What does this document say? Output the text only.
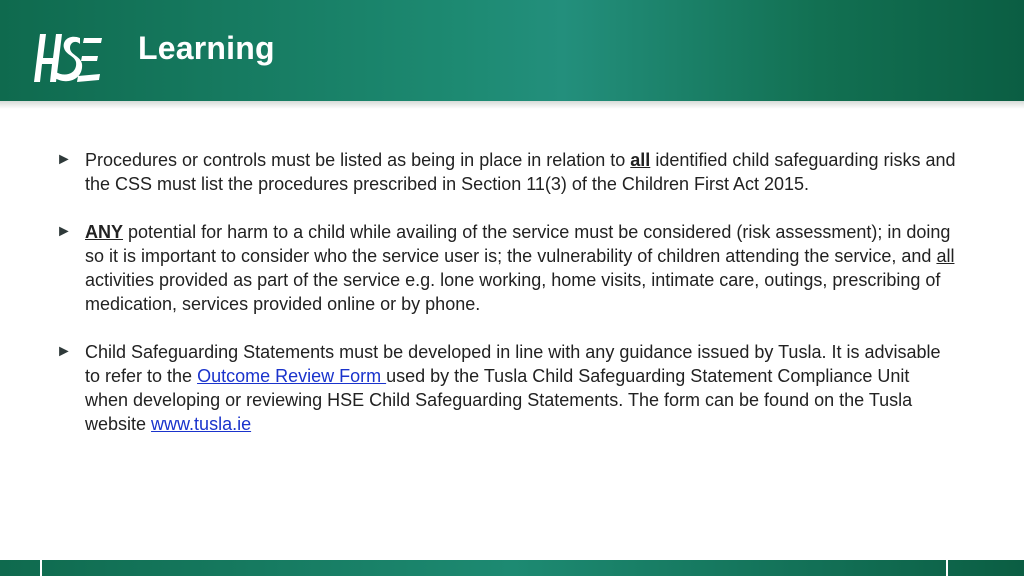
Learning
► Procedures or controls must be listed as being in place in relation to all identified child safeguarding risks and the CSS must list the procedures prescribed in Section 11(3) of the Children First Act 2015.
► ANY potential for harm to a child while availing of the service must be considered (risk assessment); in doing so it is important to consider who the service user is; the vulnerability of children attending the service, and all activities provided as part of the service e.g. lone working, home visits, intimate care, outings, prescribing of medication, services provided online or by phone.
► Child Safeguarding Statements must be developed in line with any guidance issued by Tusla. It is advisable to refer to the Outcome Review Form used by the Tusla Child Safeguarding Statement Compliance Unit when developing or reviewing HSE Child Safeguarding Statements. The form can be found on the Tusla website www.tusla.ie
